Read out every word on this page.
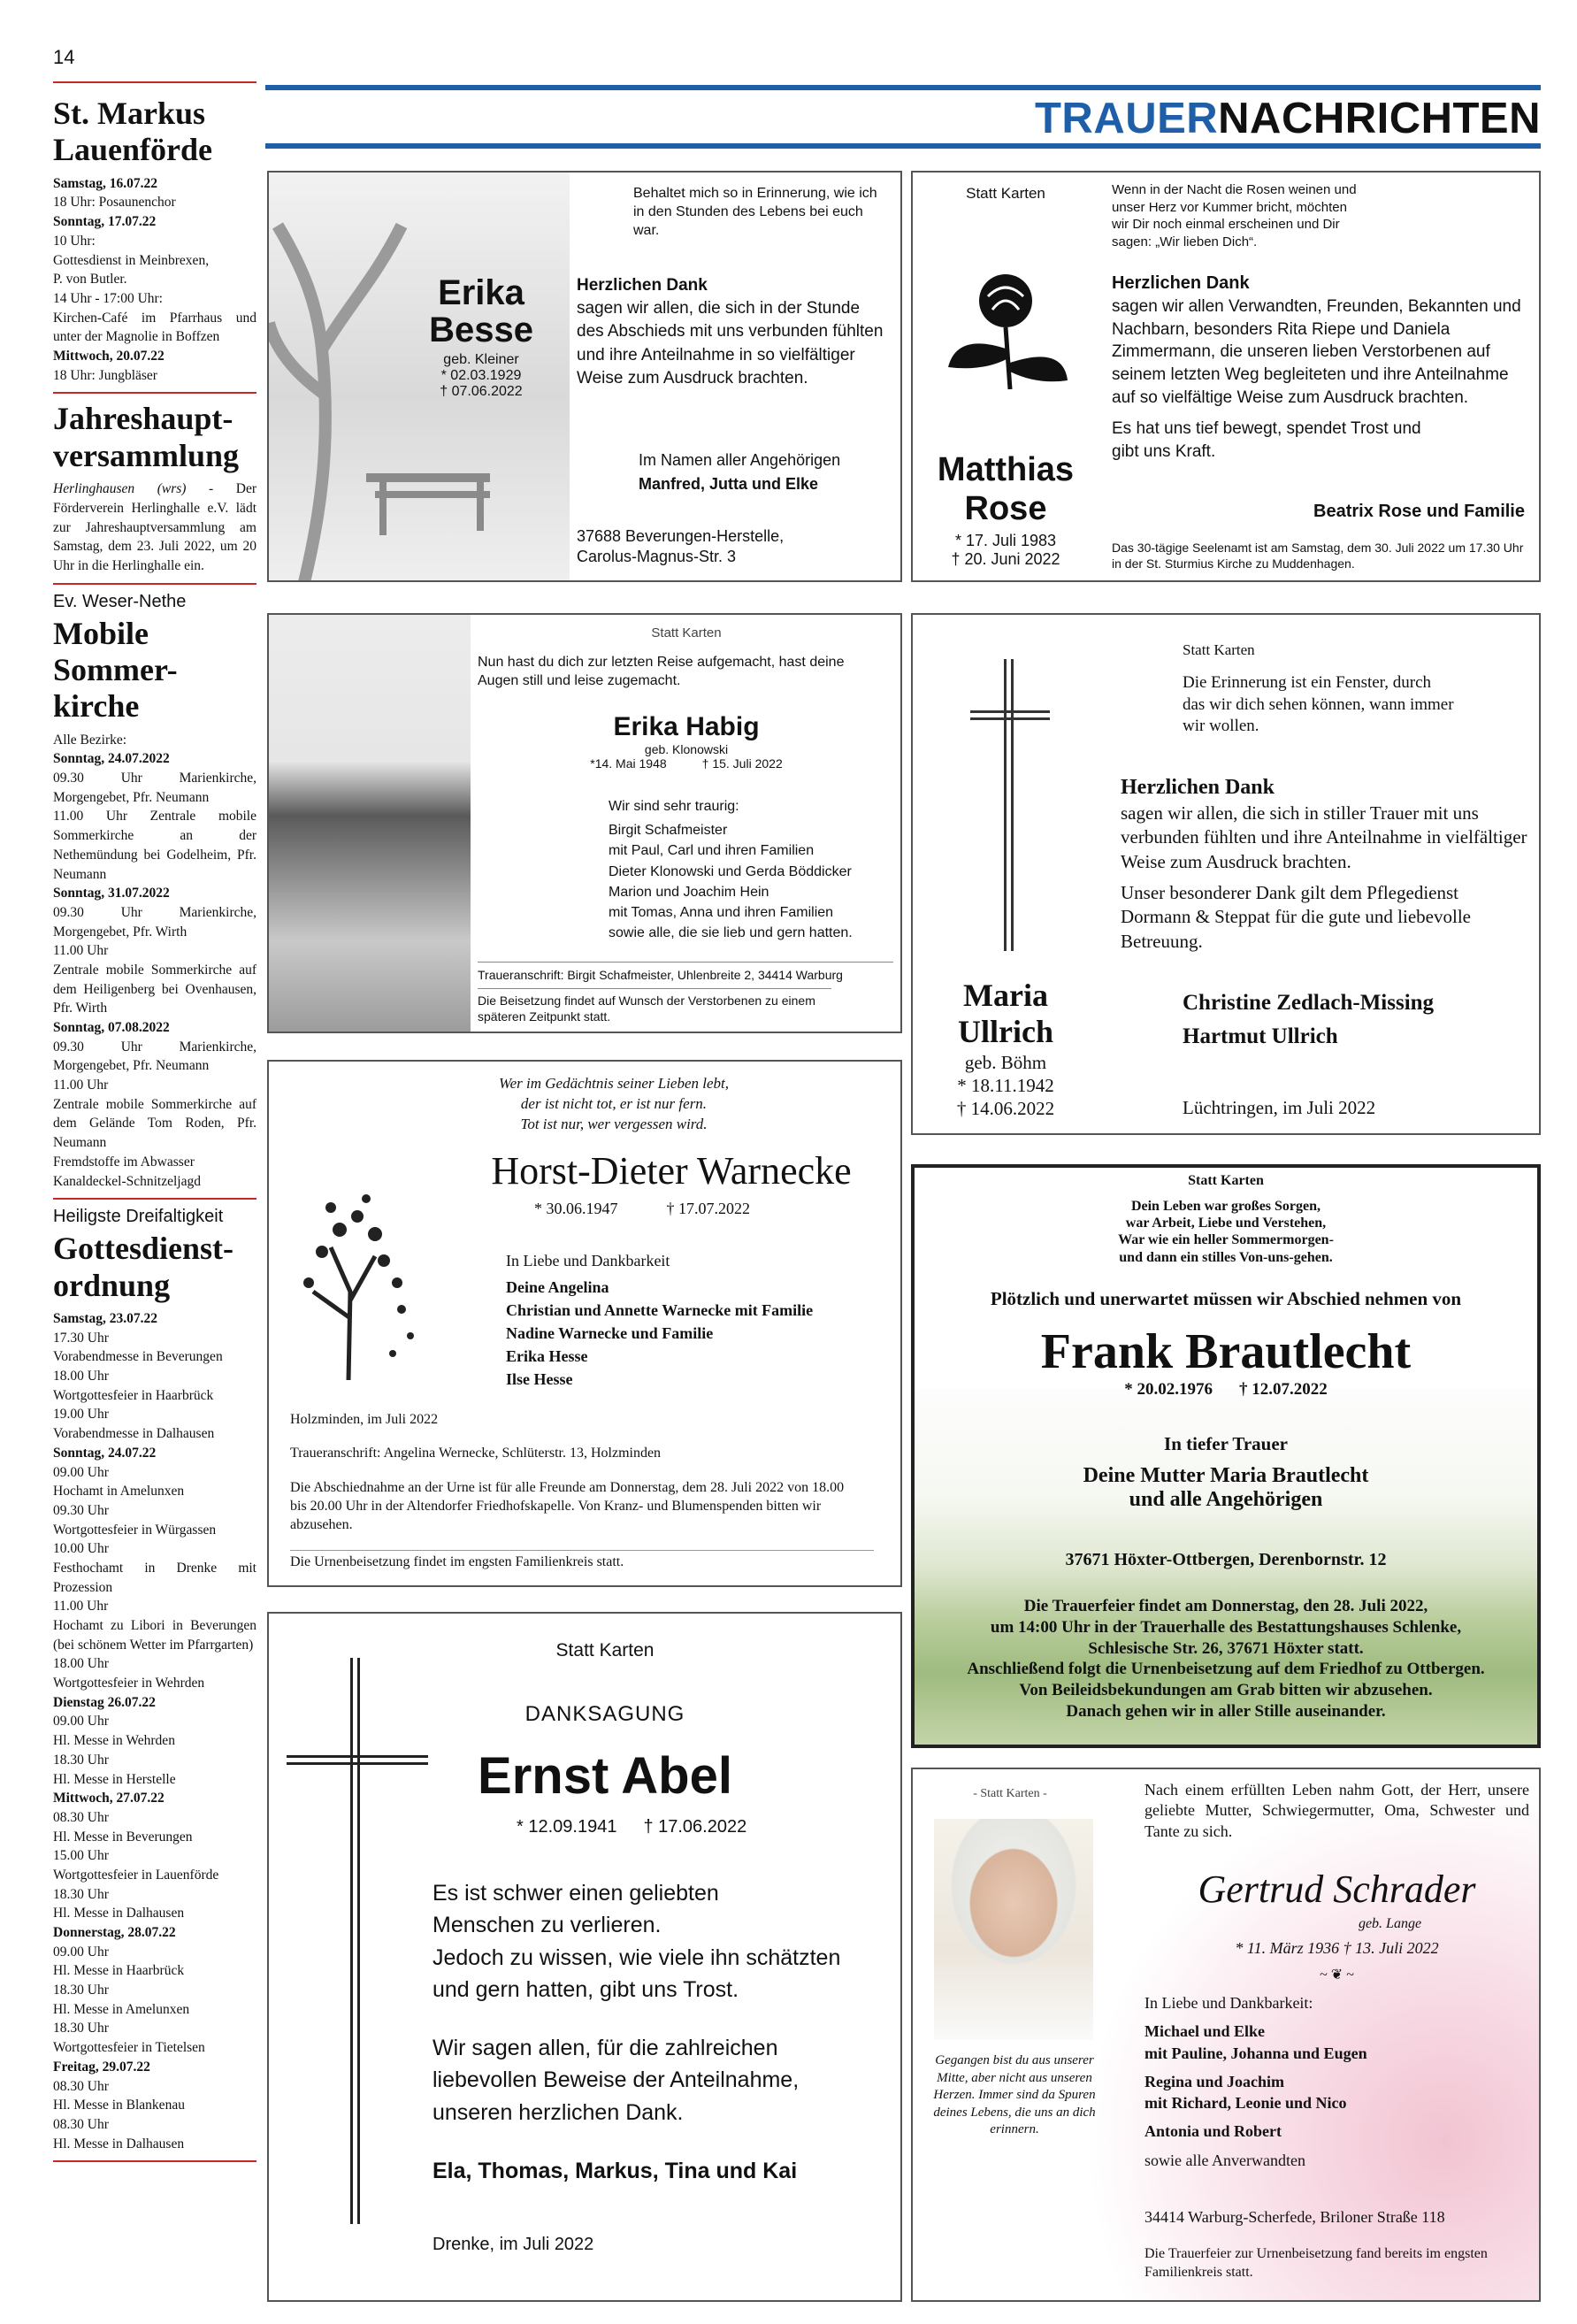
14
TRAUERNACHRICHTEN
St. Markus Lauenförde

Samstag, 16.07.22

18 Uhr: Posaunenchor

Sonntag, 17.07.22

10 Uhr:

Gottesdienst in Meinbrexen,

P. von Butler.

14 Uhr - 17:00 Uhr:

Kirchen-Café im Pfarrhaus und unter der Magnolie in Boffzen

Mittwoch, 20.07.22

18 Uhr: Jungbläser

Jahreshaupt-versammlung

Herlinghausen (wrs) - Der Förderverein Herlinghalle e.V. lädt zur Jahreshauptversammlung am Samstag, dem 23. Juli 2022, um 20 Uhr in die Herlinghalle ein.

Ev. Weser-Nethe
Mobile Sommer-kirche

Alle Bezirke:

Sonntag, 24.07.2022

09.30 Uhr Marienkirche, Morgengebet, Pfr. Neumann

11.00 Uhr Zentrale mobile Sommerkirche an der Nethemündung bei Godelheim, Pfr. Neumann

Sonntag, 31.07.2022

09.30 Uhr Marienkirche, Morgengebet, Pfr. Wirth

11.00 Uhr

Zentrale mobile Sommerkirche auf dem Heiligenberg bei Ovenhausen, Pfr. Wirth

Sonntag, 07.08.2022

09.30 Uhr Marienkirche, Morgengebet, Pfr. Neumann

11.00 Uhr

Zentrale mobile Sommerkirche auf dem Gelände Tom Roden, Pfr. Neumann

Fremdstoffe im Abwasser

Kanaldeckel-Schnitzeljagd

Heiligste Dreifaltigkeit
Gottesdienst-ordnung

Samstag, 23.07.22

17.30 Uhr

Vorabendmesse in Beverungen

18.00 Uhr

Wortgottesfeier in Haarbrück

19.00 Uhr

Vorabendmesse in Dalhausen

Sonntag, 24.07.22

09.00 Uhr

Hochamt in Amelunxen

09.30 Uhr

Wortgottesfeier in Würgassen

10.00 Uhr

Festhochamt in Drenke mit Prozession

11.00 Uhr

Hochamt zu Libori in Beverungen (bei schönem Wetter im Pfarrgarten)

18.00 Uhr

Wortgottesfeier in Wehrden

Dienstag 26.07.22

09.00 Uhr

Hl. Messe in Wehrden

18.30 Uhr

Hl. Messe in Herstelle

Mittwoch, 27.07.22

08.30 Uhr

Hl. Messe in Beverungen

15.00 Uhr

Wortgottesfeier in Lauenförde

18.30 Uhr

Hl. Messe in Dalhausen

Donnerstag, 28.07.22

09.00 Uhr

Hl. Messe in Haarbrück

18.30 Uhr

Hl. Messe in Amelunxen

18.30 Uhr

Wortgottesfeier in Tietelsen

Freitag, 29.07.22

08.30 Uhr

Hl. Messe in Blankenau

08.30 Uhr

Hl. Messe in Dalhausen

Erika
Besse
geb. Kleiner
* 02.03.1929
† 07.06.2022
Behaltet mich so in Erinnerung, wie ich in den Stunden des Lebens bei euch war.
Herzlichen Dank
sagen wir allen, die sich in der Stunde des Abschieds mit uns verbunden fühlten und ihre Anteilnahme in so vielfältiger Weise zum Ausdruck brachten.
Im Namen aller Angehörigen
Manfred, Jutta und Elke
37688 Beverungen-Herstelle,
Carolus-Magnus-Str. 3
Statt Karten
Matthias
Rose
* 17. Juli 1983
† 20. Juni 2022
Wenn in der Nacht die Rosen weinen und unser Herz vor Kummer bricht, möchten wir Dir noch einmal erscheinen und Dir sagen: „Wir lieben Dich“.
Herzlichen Dank
sagen wir allen Verwandten, Freunden, Bekannten und Nachbarn, besonders Rita Riepe und Daniela Zimmermann, die unseren lieben Verstorbenen auf seinem letzten Weg begleiteten und ihre Anteilnahme auf so vielfältige Weise zum Ausdruck brachten.
Es hat uns tief bewegt, spendet Trost und gibt uns Kraft.
Beatrix Rose und Familie
Das 30-tägige Seelenamt ist am Samstag, dem 30. Juli 2022 um 17.30 Uhr in der St. Sturmius Kirche zu Muddenhagen.
Statt Karten
Nun hast du dich zur letzten Reise aufgemacht, hast deine Augen still und leise zugemacht.
Erika Habig
geb. Klonowski
*14. Mai 1948	† 15. Juli 2022
Wir sind sehr traurig:
Birgit Schafmeister
mit Paul, Carl und ihren Familien
Dieter Klonowski und Gerda Böddicker
Marion und Joachim Hein
mit Tomas, Anna und ihren Familien
sowie alle, die sie lieb und gern hatten.
Traueranschrift: Birgit Schafmeister, Uhlenbreite 2, 34414 Warburg
Die Beisetzung findet auf Wunsch der Verstorbenen zu einem späteren Zeitpunkt statt.
Maria
Ullrich
geb. Böhm
* 18.11.1942
† 14.06.2022
Statt Karten
Die Erinnerung ist ein Fenster, durch das wir dich sehen können, wann immer wir wollen.
Herzlichen Dank
sagen wir allen, die sich in stiller Trauer mit uns verbunden fühlten und ihre Anteilnahme in vielfältiger Weise zum Ausdruck brachten.
Unser besonderer Dank gilt dem Pflegedienst Dormann & Steppat für die gute und liebevolle Betreuung.
Christine Zedlach-Missing
Hartmut Ullrich
Lüchtringen, im Juli 2022
Wer im Gedächtnis seiner Lieben lebt,
der ist nicht tot, er ist nur fern.
Tot ist nur, wer vergessen wird.
Horst-Dieter Warnecke
* 30.06.1947	† 17.07.2022
In Liebe und Dankbarkeit
Deine Angelina
Christian und Annette Warnecke mit Familie
Nadine Warnecke und Familie
Erika Hesse
Ilse Hesse
Holzminden, im Juli 2022
Traueranschrift: Angelina Wernecke, Schlüterstr. 13, Holzminden
Die Abschiednahme an der Urne ist für alle Freunde am Donnerstag, dem 28. Juli 2022 von 18.00 bis 20.00 Uhr in der Altendorfer Friedhofskapelle. Von Kranz- und Blumenspenden bitten wir abzusehen.
Die Urnenbeisetzung findet im engsten Familienkreis statt.
Statt Karten
Dein Leben war großes Sorgen,
war Arbeit, Liebe und Verstehen,
War wie ein heller Sommermorgen-
und dann ein stilles Von-uns-gehen.
Plötzlich und unerwartet müssen wir Abschied nehmen von
Frank Brautlecht
* 20.02.1976 † 12.07.2022
In tiefer Trauer
Deine Mutter Maria Brautlecht
und alle Angehörigen
37671 Höxter-Ottbergen, Derenbornstr. 12
Die Trauerfeier findet am Donnerstag, den 28. Juli 2022,
um 14:00 Uhr in der Trauerhalle des Bestattungshauses Schlenke,
Schlesische Str. 26, 37671 Höxter statt.
Anschließend folgt die Urnenbeisetzung auf dem Friedhof zu Ottbergen.
Von Beileidsbekundungen am Grab bitten wir abzusehen.
Danach gehen wir in aller Stille auseinander.
Statt Karten
DANKSAGUNG
Ernst Abel
* 12.09.1941 † 17.06.2022
Es ist schwer einen geliebten
Menschen zu verlieren.
Jedoch zu wissen, wie viele ihn schätzten
und gern hatten, gibt uns Trost.
Wir sagen allen, für die zahlreichen
liebevollen Beweise der Anteilnahme,
unseren herzlichen Dank.
Ela, Thomas, Markus, Tina und Kai
Drenke, im Juli 2022
- Statt Karten -
Gegangen bist du aus unserer Mitte, aber nicht aus unseren Herzen. Immer sind da Spuren deines Lebens, die uns an dich erinnern.
Nach einem erfüllten Leben nahm Gott, der Herr, unsere geliebte Mutter, Schwiegermutter, Oma, Schwester und Tante zu sich.
Gertrud Schrader
geb. Lange
* 11. März 1936 † 13. Juli 2022
~ ❦ ~
In Liebe und Dankbarkeit:
Michael und Elke
mit Pauline, Johanna und Eugen
Regina und Joachim
mit Richard, Leonie und Nico
Antonia und Robert
sowie alle Anverwandten
34414 Warburg-Scherfede, Briloner Straße 118
Die Trauerfeier zur Urnenbeisetzung fand bereits im engsten Familienkreis statt.
